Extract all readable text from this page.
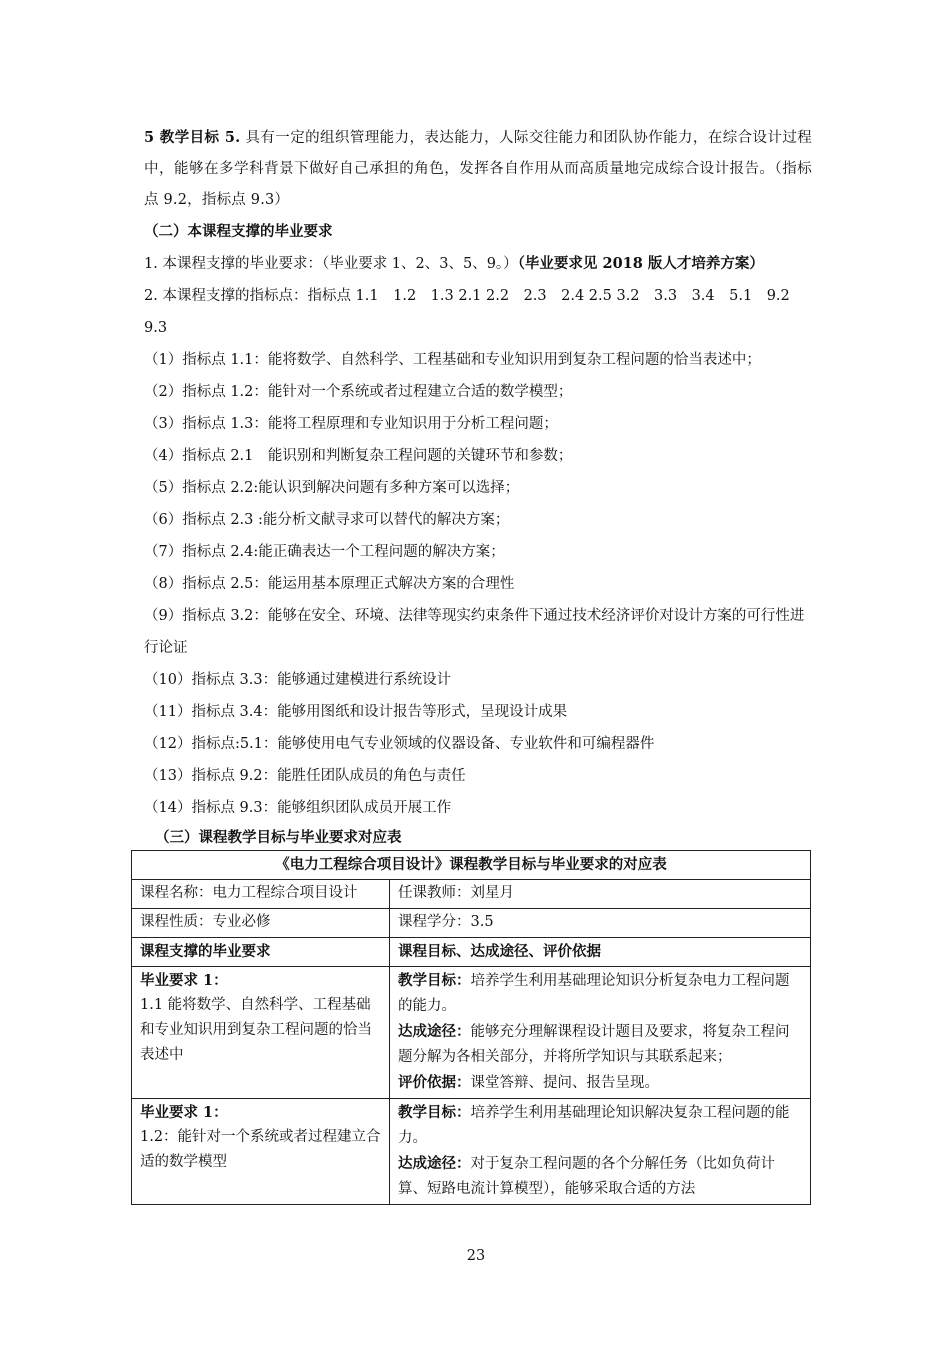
5 教学目标 5. 具有一定的组织管理能力，表达能力，人际交往能力和团队协作能力，在综合设计过程中，能够在多学科背景下做好自己承担的角色，发挥各自作用从而高质量地完成综合设计报告。（指标点 9.2，指标点 9.3）

（二）本课程支撑的毕业要求

1. 本课程支撑的毕业要求：（毕业要求 1、2、3、5、9。）（毕业要求见 2018 版人才培养方案）

2. 本课程支撑的指标点：指标点 1.1　1.2　1.3 2.1 2.2　2.3　2.4 2.5 3.2　3.3　3.4　5.1　9.2 9.3

（1）指标点 1.1：能将数学、自然科学、工程基础和专业知识用到复杂工程问题的恰当表述中；

（2）指标点 1.2：能针对一个系统或者过程建立合适的数学模型；

（3）指标点 1.3：能将工程原理和专业知识用于分析工程问题；

（4）指标点 2.1　能识别和判断复杂工程问题的关键环节和参数；

（5）指标点 2.2:能认识到解决问题有多种方案可以选择；

（6）指标点 2.3 :能分析文献寻求可以替代的解决方案；

（7）指标点 2.4:能正确表达一个工程问题的解决方案；

（8）指标点 2.5：能运用基本原理正式解决方案的合理性

（9）指标点 3.2：能够在安全、环境、法律等现实约束条件下通过技术经济评价对设计方案的可行性进行论证

（10）指标点 3.3：能够通过建模进行系统设计

（11）指标点 3.4：能够用图纸和设计报告等形式，呈现设计成果

（12）指标点:5.1：能够使用电气专业领域的仪器设备、专业软件和可编程器件

（13）指标点 9.2：能胜任团队成员的角色与责任

（14）指标点 9.3：能够组织团队成员开展工作

（三）课程教学目标与毕业要求对应表

《电力工程综合项目设计》课程教学目标与毕业要求的对应表	
课程名称：电力工程综合项目设计	任课教师：刘星月
课程性质：专业必修	课程学分：3.5
课程支撑的毕业要求	课程目标、达成途径、评价依据

毕业要求 1：
1.1 能将数学、自然科学、工程基础和专业知识用到复杂工程问题的恰当表述中	教学目标：培养学生利用基础理论知识分析复杂电力工程问题的能力。
达成途径：能够充分理解课程设计题目及要求，将复杂工程问题分解为各相关部分，并将所学知识与其联系起来；
评价依据：课堂答辩、提问、报告呈现。

毕业要求 1：
1.2：能针对一个系统或者过程建立合适的数学模型	教学目标：培养学生利用基础理论知识解决复杂工程问题的能力。
达成途径：对于复杂工程问题的各个分解任务（比如负荷计算、短路电流计算模型），能够采取合适的方法
23
